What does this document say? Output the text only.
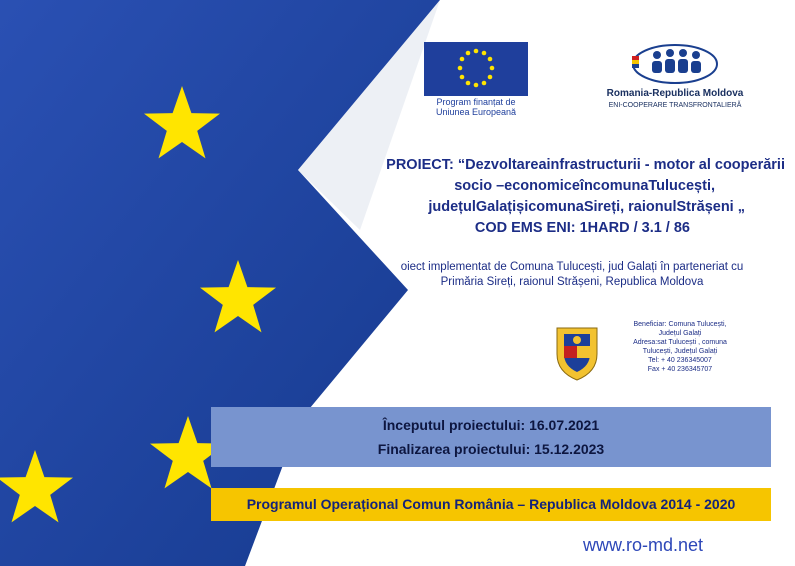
Program finanțat de
Uniunea Europeană
Romania-Republica Moldova
ENI-COOPERARE TRANSFRONTALIERĂ
PROIECT: “Dezvoltareainfrastructurii - motor al cooperării
socio –economiceîncomunaTulucești,
județulGalațișicomunaSireți, raionulStrășeni „
COD EMS ENI: 1HARD / 3.1 / 86
oiect implementat de Comuna Tulucești, jud Galați în parteneriat cu
Primăria Sireți, raionul Strășeni, Republica Moldova
Beneficiar: Comuna Tulucești,
Județul Galați
Adresa:sat Tulucești , comuna
Tulucești, Județul Galați
Tel: + 40 236345007
Fax + 40 236345707
Începutul proiectului: 16.07.2021
Finalizarea proiectului: 15.12.2023
Programul Operațional Comun România – Republica Moldova 2014 - 2020
www.ro-md.net
